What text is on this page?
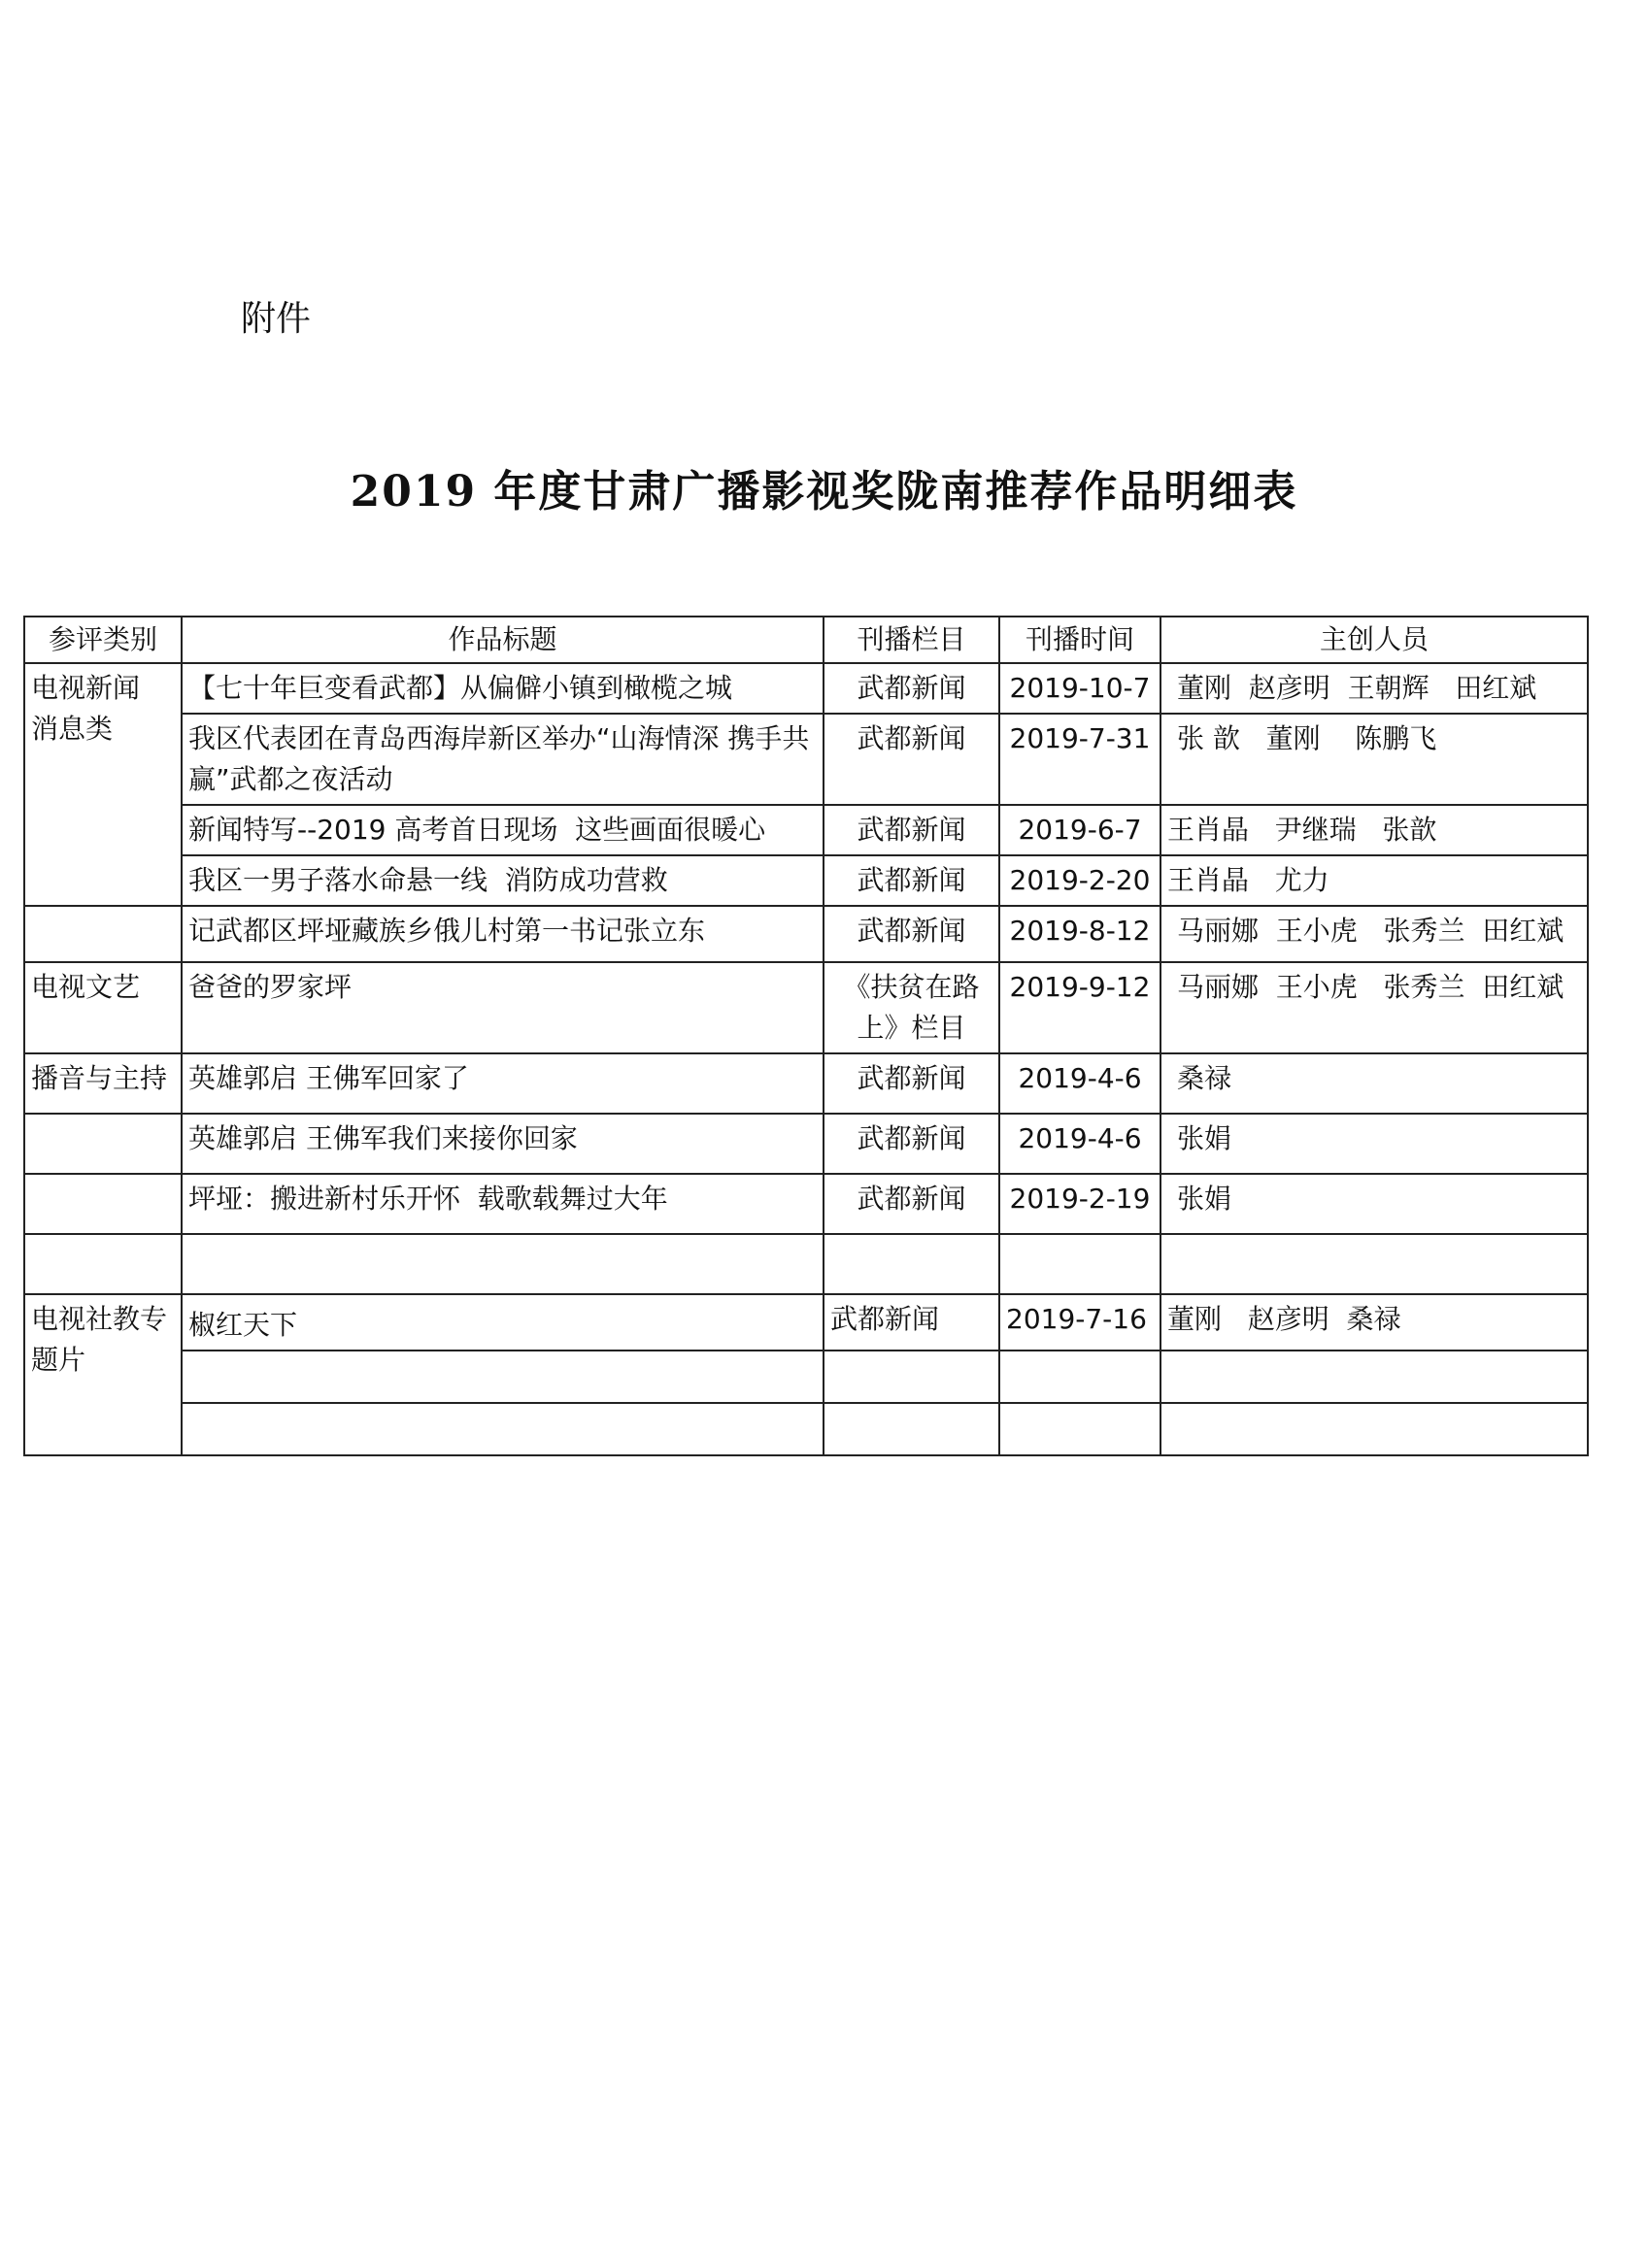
附件
2019 年度甘肃广播影视奖陇南推荐作品明细表
参评类别	作品标题	刊播栏目	刊播时间	主创人员
电视新闻
消息类	【七十年巨变看武都】从偏僻小镇到橄榄之城	武都新闻	2019-10-7	董刚  赵彦明  王朝辉   田红斌
	我区代表团在青岛西海岸新区举办“山海情深 携手共赢”武都之夜活动	武都新闻	2019-7-31	张 歆   董刚    陈鹏飞
	新闻特写--2019 高考首日现场  这些画面很暖心	武都新闻	2019-6-7	王肖晶   尹继瑞   张歆
	我区一男子落水命悬一线  消防成功营救	武都新闻	2019-2-20	王肖晶   尤力
	记武都区坪垭藏族乡俄儿村第一书记张立东	武都新闻	2019-8-12	马丽娜  王小虎   张秀兰  田红斌
电视文艺	爸爸的罗家坪	《扶贫在路上》栏目	2019-9-12	马丽娜  王小虎   张秀兰  田红斌
播音与主持	英雄郭启 王佛军回家了	武都新闻	2019-4-6	桑禄
	英雄郭启 王佛军我们来接你回家	武都新闻	2019-4-6	张娟
	坪垭：搬进新村乐开怀  载歌载舞过大年	武都新闻	2019-2-19	张娟

电视社教专题片	椒红天下	武都新闻	2019-7-16	董刚   赵彦明  桑禄
